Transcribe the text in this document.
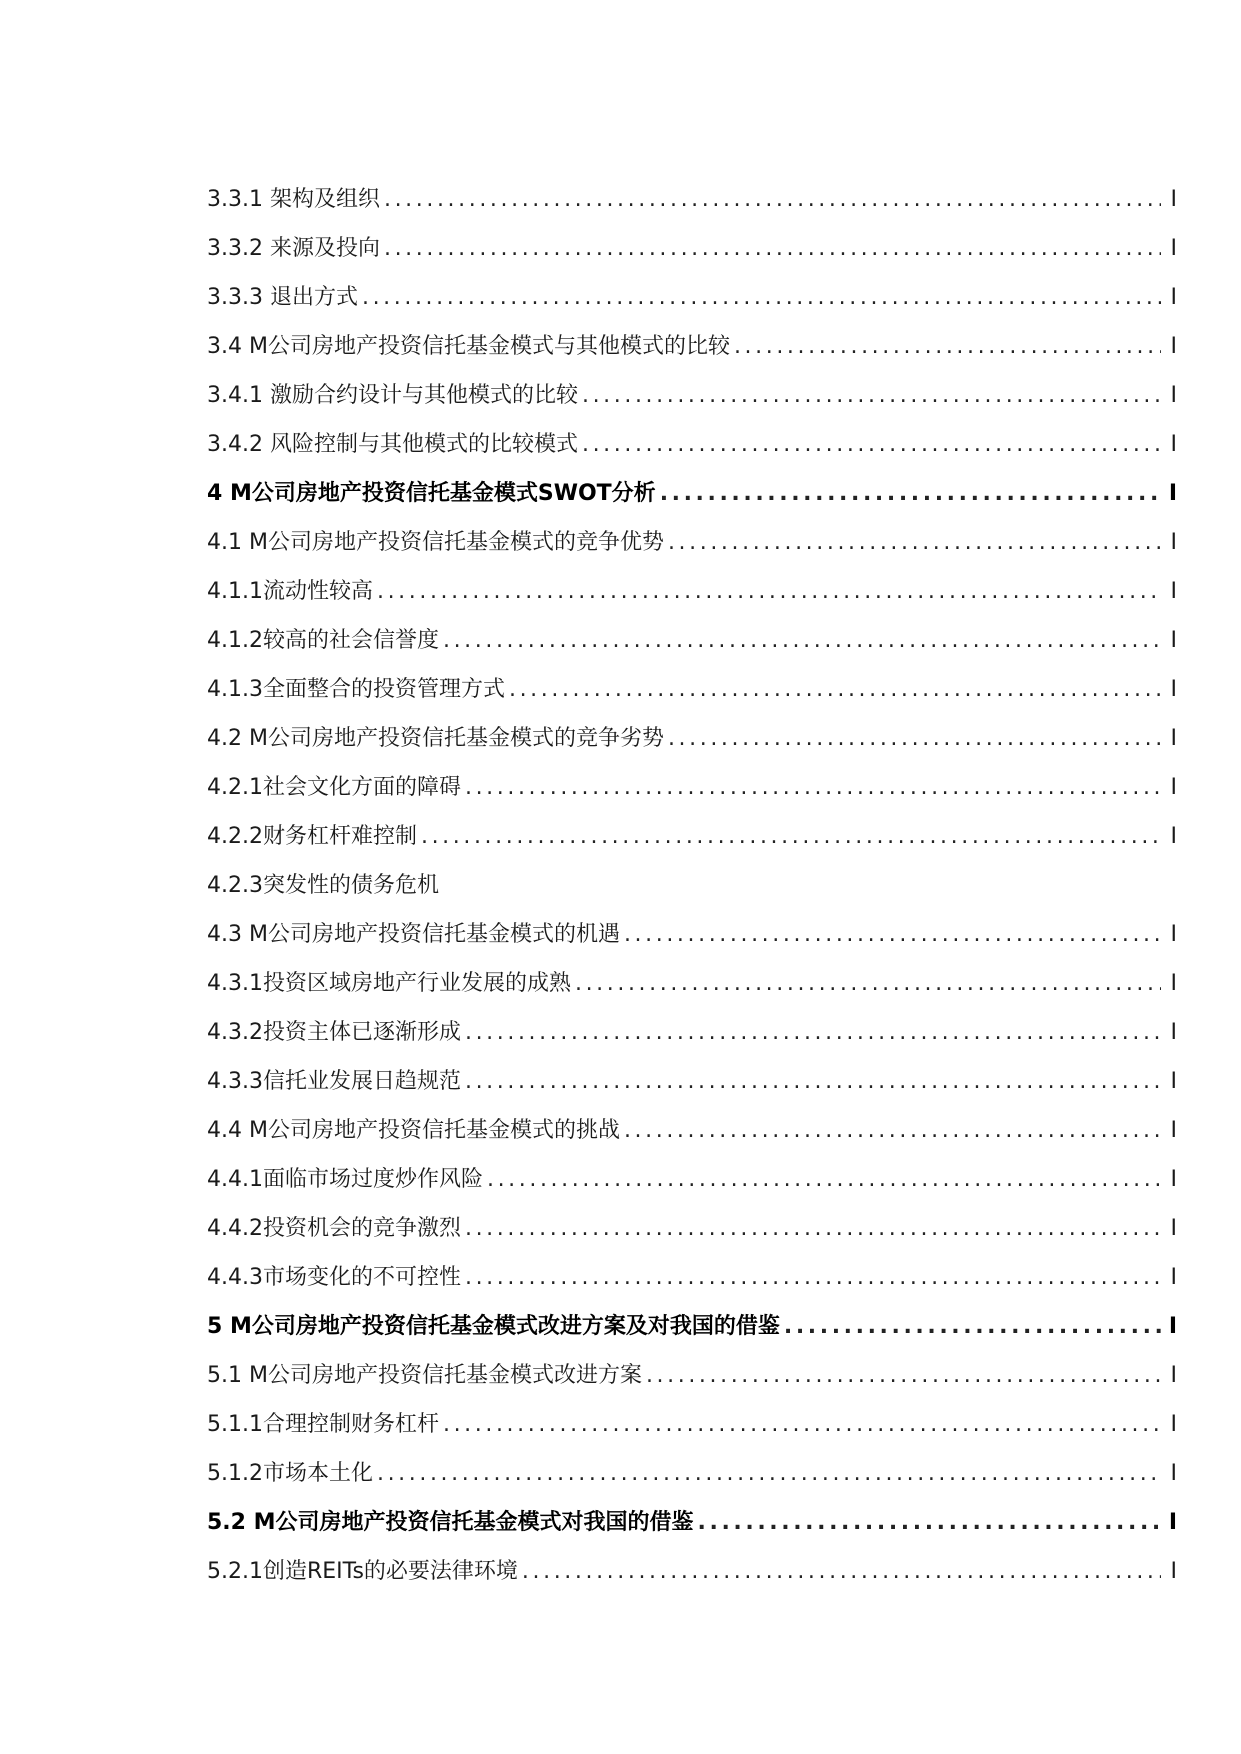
3.3.1 架构及组织 .....	I
3.3.2 来源及投向 .....	I
3.3.3 退出方式 .....	I
3.4 M公司房地产投资信托基金模式与其他模式的比较 .....	I
3.4.1 激励合约设计与其他模式的比较 .....	I
3.4.2 风险控制与其他模式的比较模式 .....	I
4 M公司房地产投资信托基金模式SWOT分析 .....	I
4.1 M公司房地产投资信托基金模式的竞争优势 .....	I
4.1.1流动性较高 .....	I
4.1.2较高的社会信誉度 .....	I
4.1.3全面整合的投资管理方式 .....	I
4.2 M公司房地产投资信托基金模式的竞争劣势 .....	I
4.2.1社会文化方面的障碍 .....	I
4.2.2财务杠杆难控制 .....	I
4.2.3突发性的债务危机
4.3 M公司房地产投资信托基金模式的机遇 .....	I
4.3.1投资区域房地产行业发展的成熟 .....	I
4.3.2投资主体已逐渐形成 .....	I
4.3.3信托业发展日趋规范 .....	I
4.4 M公司房地产投资信托基金模式的挑战 .....	I
4.4.1面临市场过度炒作风险 .....	I
4.4.2投资机会的竞争激烈 .....	I
4.4.3市场变化的不可控性 .....	I
5 M公司房地产投资信托基金模式改进方案及对我国的借鉴 .....	I
5.1 M公司房地产投资信托基金模式改进方案 .....	I
5.1.1合理控制财务杠杆 .....	I
5.1.2市场本土化 .....	I
5.2 M公司房地产投资信托基金模式对我国的借鉴 .....	I
5.2.1创造REITs的必要法律环境 .....	I
